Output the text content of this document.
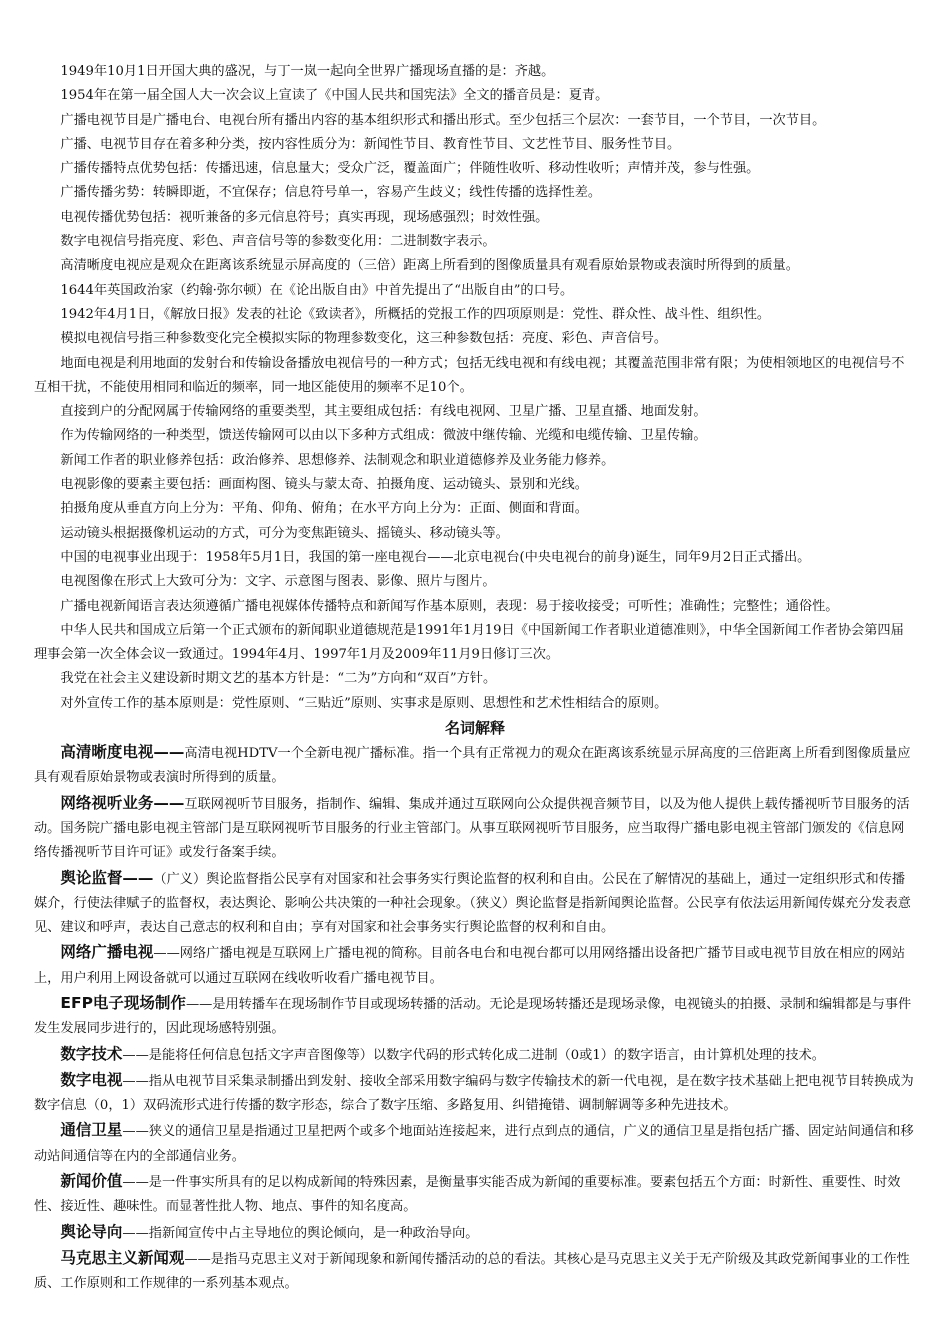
1949年10月1日开国大典的盛况，与丁一岚一起向全世界广播现场直播的是：齐越。

1954年在第一届全国人大一次会议上宣读了《中国人民共和国宪法》全文的播音员是：夏青。

广播电视节目是广播电台、电视台所有播出内容的基本组织形式和播出形式。至少包括三个层次：一套节目，一个节目，一次节目。

广播、电视节目存在着多种分类，按内容性质分为：新闻性节目、教育性节目、文艺性节目、服务性节目。

广播传播特点优势包括：传播迅速，信息量大；受众广泛，覆盖面广；伴随性收听、移动性收听；声情并茂，参与性强。

广播传播劣势：转瞬即逝，不宜保存；信息符号单一，容易产生歧义；线性传播的选择性差。

电视传播优势包括：视听兼备的多元信息符号；真实再现，现场感强烈；时效性强。

数字电视信号指亮度、彩色、声音信号等的参数变化用：二进制数字表示。

高清晰度电视应是观众在距离该系统显示屏高度的（三倍）距离上所看到的图像质量具有观看原始景物或表演时所得到的质量。

1644年英国政治家（约翰·弥尔顿）在《论出版自由》中首先提出了“出版自由”的口号。

1942年4月1日，《解放日报》发表的社论《致读者》，所概括的党报工作的四项原则是：党性、群众性、战斗性、组织性。

模拟电视信号指三种参数变化完全模拟实际的物理参数变化，这三种参数包括：亮度、彩色、声音信号。

地面电视是利用地面的发射台和传输设备播放电视信号的一种方式；包括无线电视和有线电视；其覆盖范围非常有限；为使相领地区的电视信号不互相干扰，不能使用相同和临近的频率，同一地区能使用的频率不足10个。

直接到户的分配网属于传输网络的重要类型，其主要组成包括：有线电视网、卫星广播、卫星直播、地面发射。

作为传输网络的一种类型，馈送传输网可以由以下多种方式组成：微波中继传输、光缆和电缆传输、卫星传输。

新闻工作者的职业修养包括：政治修养、思想修养、法制观念和职业道德修养及业务能力修养。

电视影像的要素主要包括：画面构图、镜头与蒙太奇、拍摄角度、运动镜头、景别和光线。

拍摄角度从垂直方向上分为：平角、仰角、俯角；在水平方向上分为：正面、侧面和背面。

运动镜头根据摄像机运动的方式，可分为变焦距镜头、摇镜头、移动镜头等。

中国的电视事业出现于：1958年5月1日，我国的第一座电视台——北京电视台(中央电视台的前身)诞生，同年9月2日正式播出。

电视图像在形式上大致可分为：文字、示意图与图表、影像、照片与图片。

广播电视新闻语言表达须遵循广播电视媒体传播特点和新闻写作基本原则，表现：易于接收接受；可听性；准确性；完整性；通俗性。

中华人民共和国成立后第一个正式颁布的新闻职业道德规范是1991年1月19日《中国新闻工作者职业道德准则》，中华全国新闻工作者协会第四届理事会第一次全体会议一致通过。1994年4月、1997年1月及2009年11月9日修订三次。

我党在社会主义建设新时期文艺的基本方针是：“二为”方向和“双百”方针。

对外宣传工作的基本原则是：党性原则、“三贴近”原则、实事求是原则、思想性和艺术性相结合的原则。

名词解释

高清晰度电视——高清电视HDTV一个全新电视广播标准。指一个具有正常视力的观众在距离该系统显示屏高度的三倍距离上所看到图像质量应具有观看原始景物或表演时所得到的质量。

网络视听业务——互联网视听节目服务，指制作、编辑、集成并通过互联网向公众提供视音频节目，以及为他人提供上载传播视听节目服务的活动。国务院广播电影电视主管部门是互联网视听节目服务的行业主管部门。从事互联网视听节目服务，应当取得广播电影电视主管部门颁发的《信息网络传播视听节目许可证》或发行备案手续。

舆论监督——（广义）舆论监督指公民享有对国家和社会事务实行舆论监督的权利和自由。公民在了解情况的基础上，通过一定组织形式和传播媒介，行使法律赋子的监督权，表达舆论、影响公共决策的一种社会现象。（狭义）舆论监督是指新闻舆论监督。公民享有依法运用新闻传媒充分发表意见、建议和呼声，表达自己意志的权利和自由；享有对国家和社会事务实行舆论监督的权利和自由。

网络广播电视——网络广播电视是互联网上广播电视的简称。目前各电台和电视台都可以用网络播出设备把广播节目或电视节目放在相应的网站上，用户利用上网设备就可以通过互联网在线收听收看广播电视节目。

EFP电子现场制作——是用转播车在现场制作节目或现场转播的活动。无论是现场转播还是现场录像，电视镜头的拍摄、录制和编辑都是与事件发生发展同步进行的，因此现场感特别强。

数字技术——是能将任何信息包括文字声音图像等）以数字代码的形式转化成二进制（0或1）的数字语言，由计算机处理的技术。

数字电视——指从电视节目采集录制播出到发射、接收全部采用数字编码与数字传输技术的新一代电视，是在数字技术基础上把电视节目转换成为数字信息（0，1）双码流形式进行传播的数字形态，综合了数字压缩、多路复用、纠错掩错、调制解调等多种先进技术。

通信卫星——狭义的通信卫星是指通过卫星把两个或多个地面站连接起来，进行点到点的通信，广义的通信卫星是指包括广播、固定站间通信和移动站间通信等在内的全部通信业务。

新闻价值——是一件事实所具有的足以构成新闻的特殊因素，是衡量事实能否成为新闻的重要标准。要素包括五个方面：时新性、重要性、时效性、接近性、趣味性。而显著性批人物、地点、事件的知名度高。

舆论导向——指新闻宣传中占主导地位的舆论倾向，是一种政治导向。

马克思主义新闻观——是指马克思主义对于新闻现象和新闻传播活动的总的看法。其核心是马克思主义关于无产阶级及其政党新闻事业的工作性质、工作原则和工作规律的一系列基本观点。
